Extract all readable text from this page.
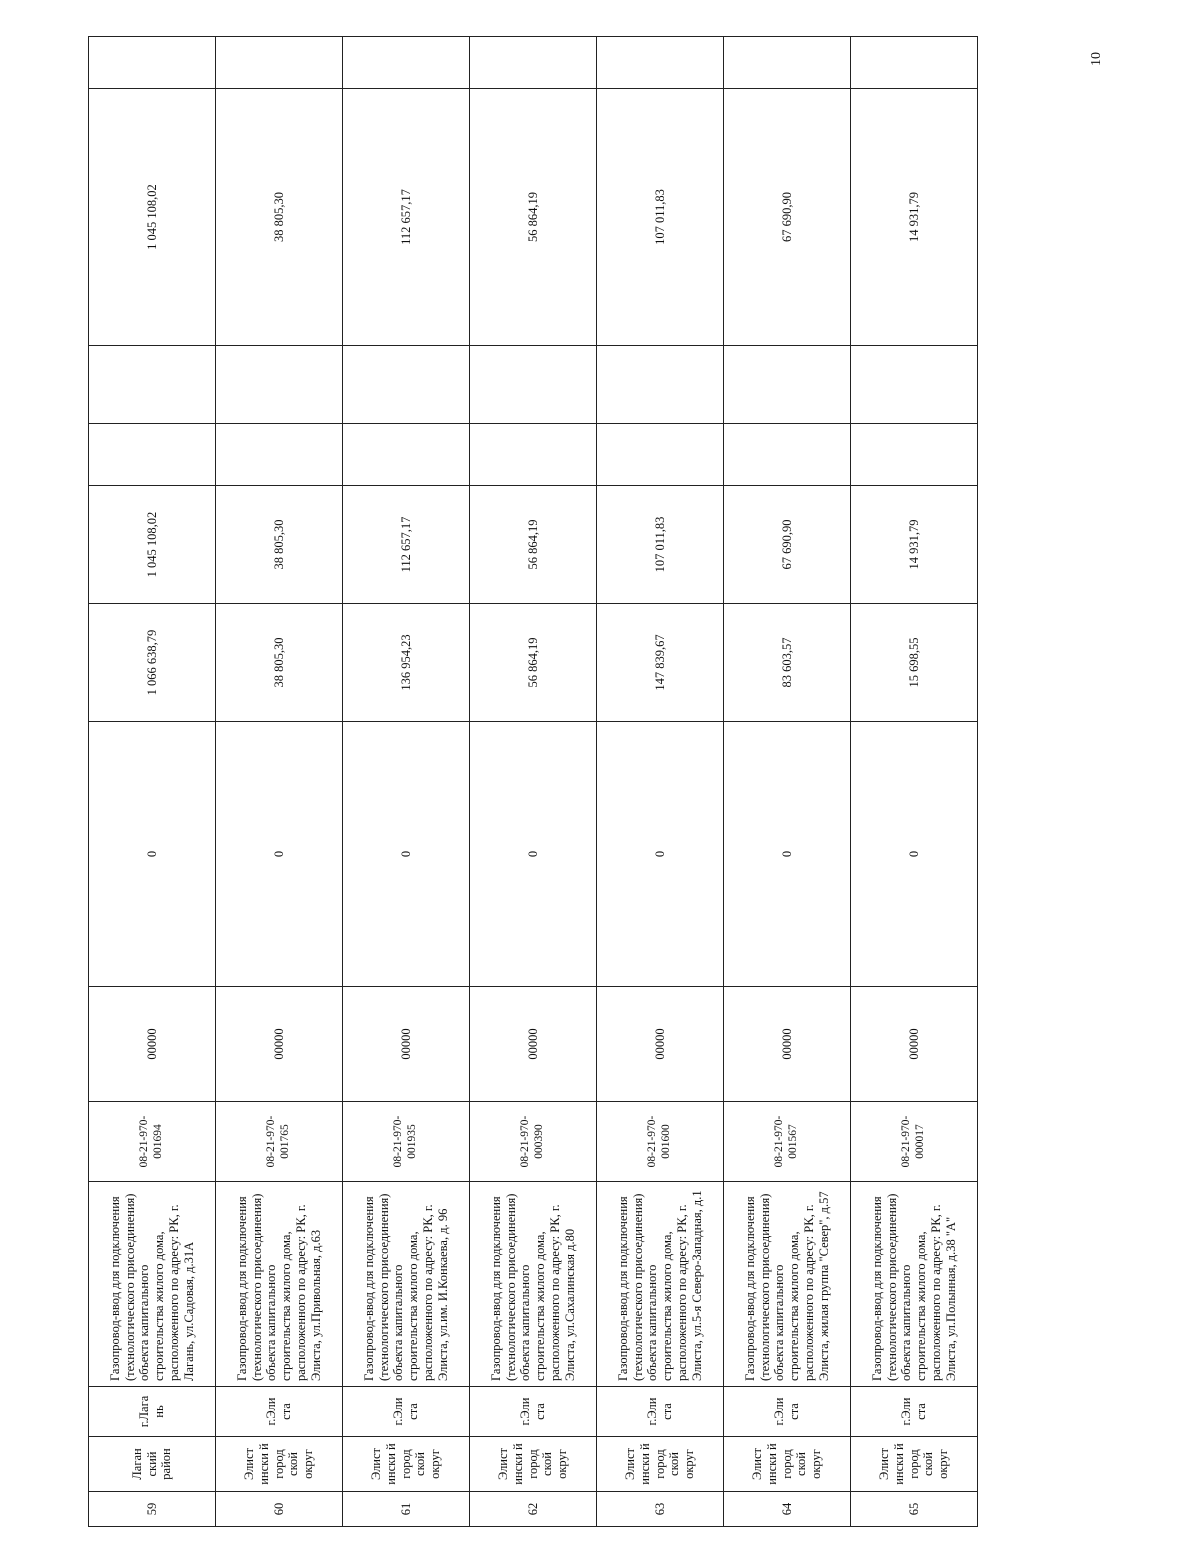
10
59	Лаган ский район	г.Лага нь	Газопровод-ввод для подключения (технологического присоединения) объекта капитального строительства жилого дома, расположенного по адресу: РК, г. Лагань, ул.Садовая, д.31А	08-21-970-001694	00000	0	1 066 638,79	1 045 108,02			1 045 108,02	
60	Элист ински й город ской округ	г.Эли ста	Газопровод-ввод для подключения (технологического присоединения) объекта капитального строительства жилого дома, расположенного по адресу: РК, г. Элиста, ул.Привольная, д.63	08-21-970-001765	00000	0	38 805,30	38 805,30			38 805,30	
61	Элист ински й город ской округ	г.Эли ста	Газопровод-ввод для подключения (технологического присоединения) объекта капитального строительства жилого дома, расположенного по адресу: РК, г. Элиста, ул.им. И.Конкаева, д. 96	08-21-970-001935	00000	0	136 954,23	112 657,17			112 657,17	
62	Элист ински й город ской округ	г.Эли ста	Газопровод-ввод для подключения (технологического присоединения) объекта капитального строительства жилого дома, расположенного по адресу: РК, г. Элиста, ул.Сахалинская д.80	08-21-970-000390	00000	0	56 864,19	56 864,19			56 864,19	
63	Элист ински й город ской округ	г.Эли ста	Газопровод-ввод для подключения (технологического присоединения) объекта капитального строительства жилого дома, расположенного по адресу: РК, г. Элиста, ул.5-я Северо-Западная, д.1	08-21-970-001600	00000	0	147 839,67	107 011,83			107 011,83	
64	Элист ински й город ской округ	г.Эли ста	Газопровод-ввод для подключения (технологического присоединения) объекта капитального строительства жилого дома, расположенного по адресу: РК, г. Элиста, жилая группа "Север", д.57	08-21-970-001567	00000	0	83 603,57	67 690,90			67 690,90	
65	Элист ински й город ской округ	г.Эли ста	Газопровод-ввод для подключения (технологического присоединения) объекта капитального строительства жилого дома, расположенного по адресу: РК, г. Элиста, ул.Полынная, д.38 "А"	08-21-970-000017	00000	0	15 698,55	14 931,79			14 931,79	
